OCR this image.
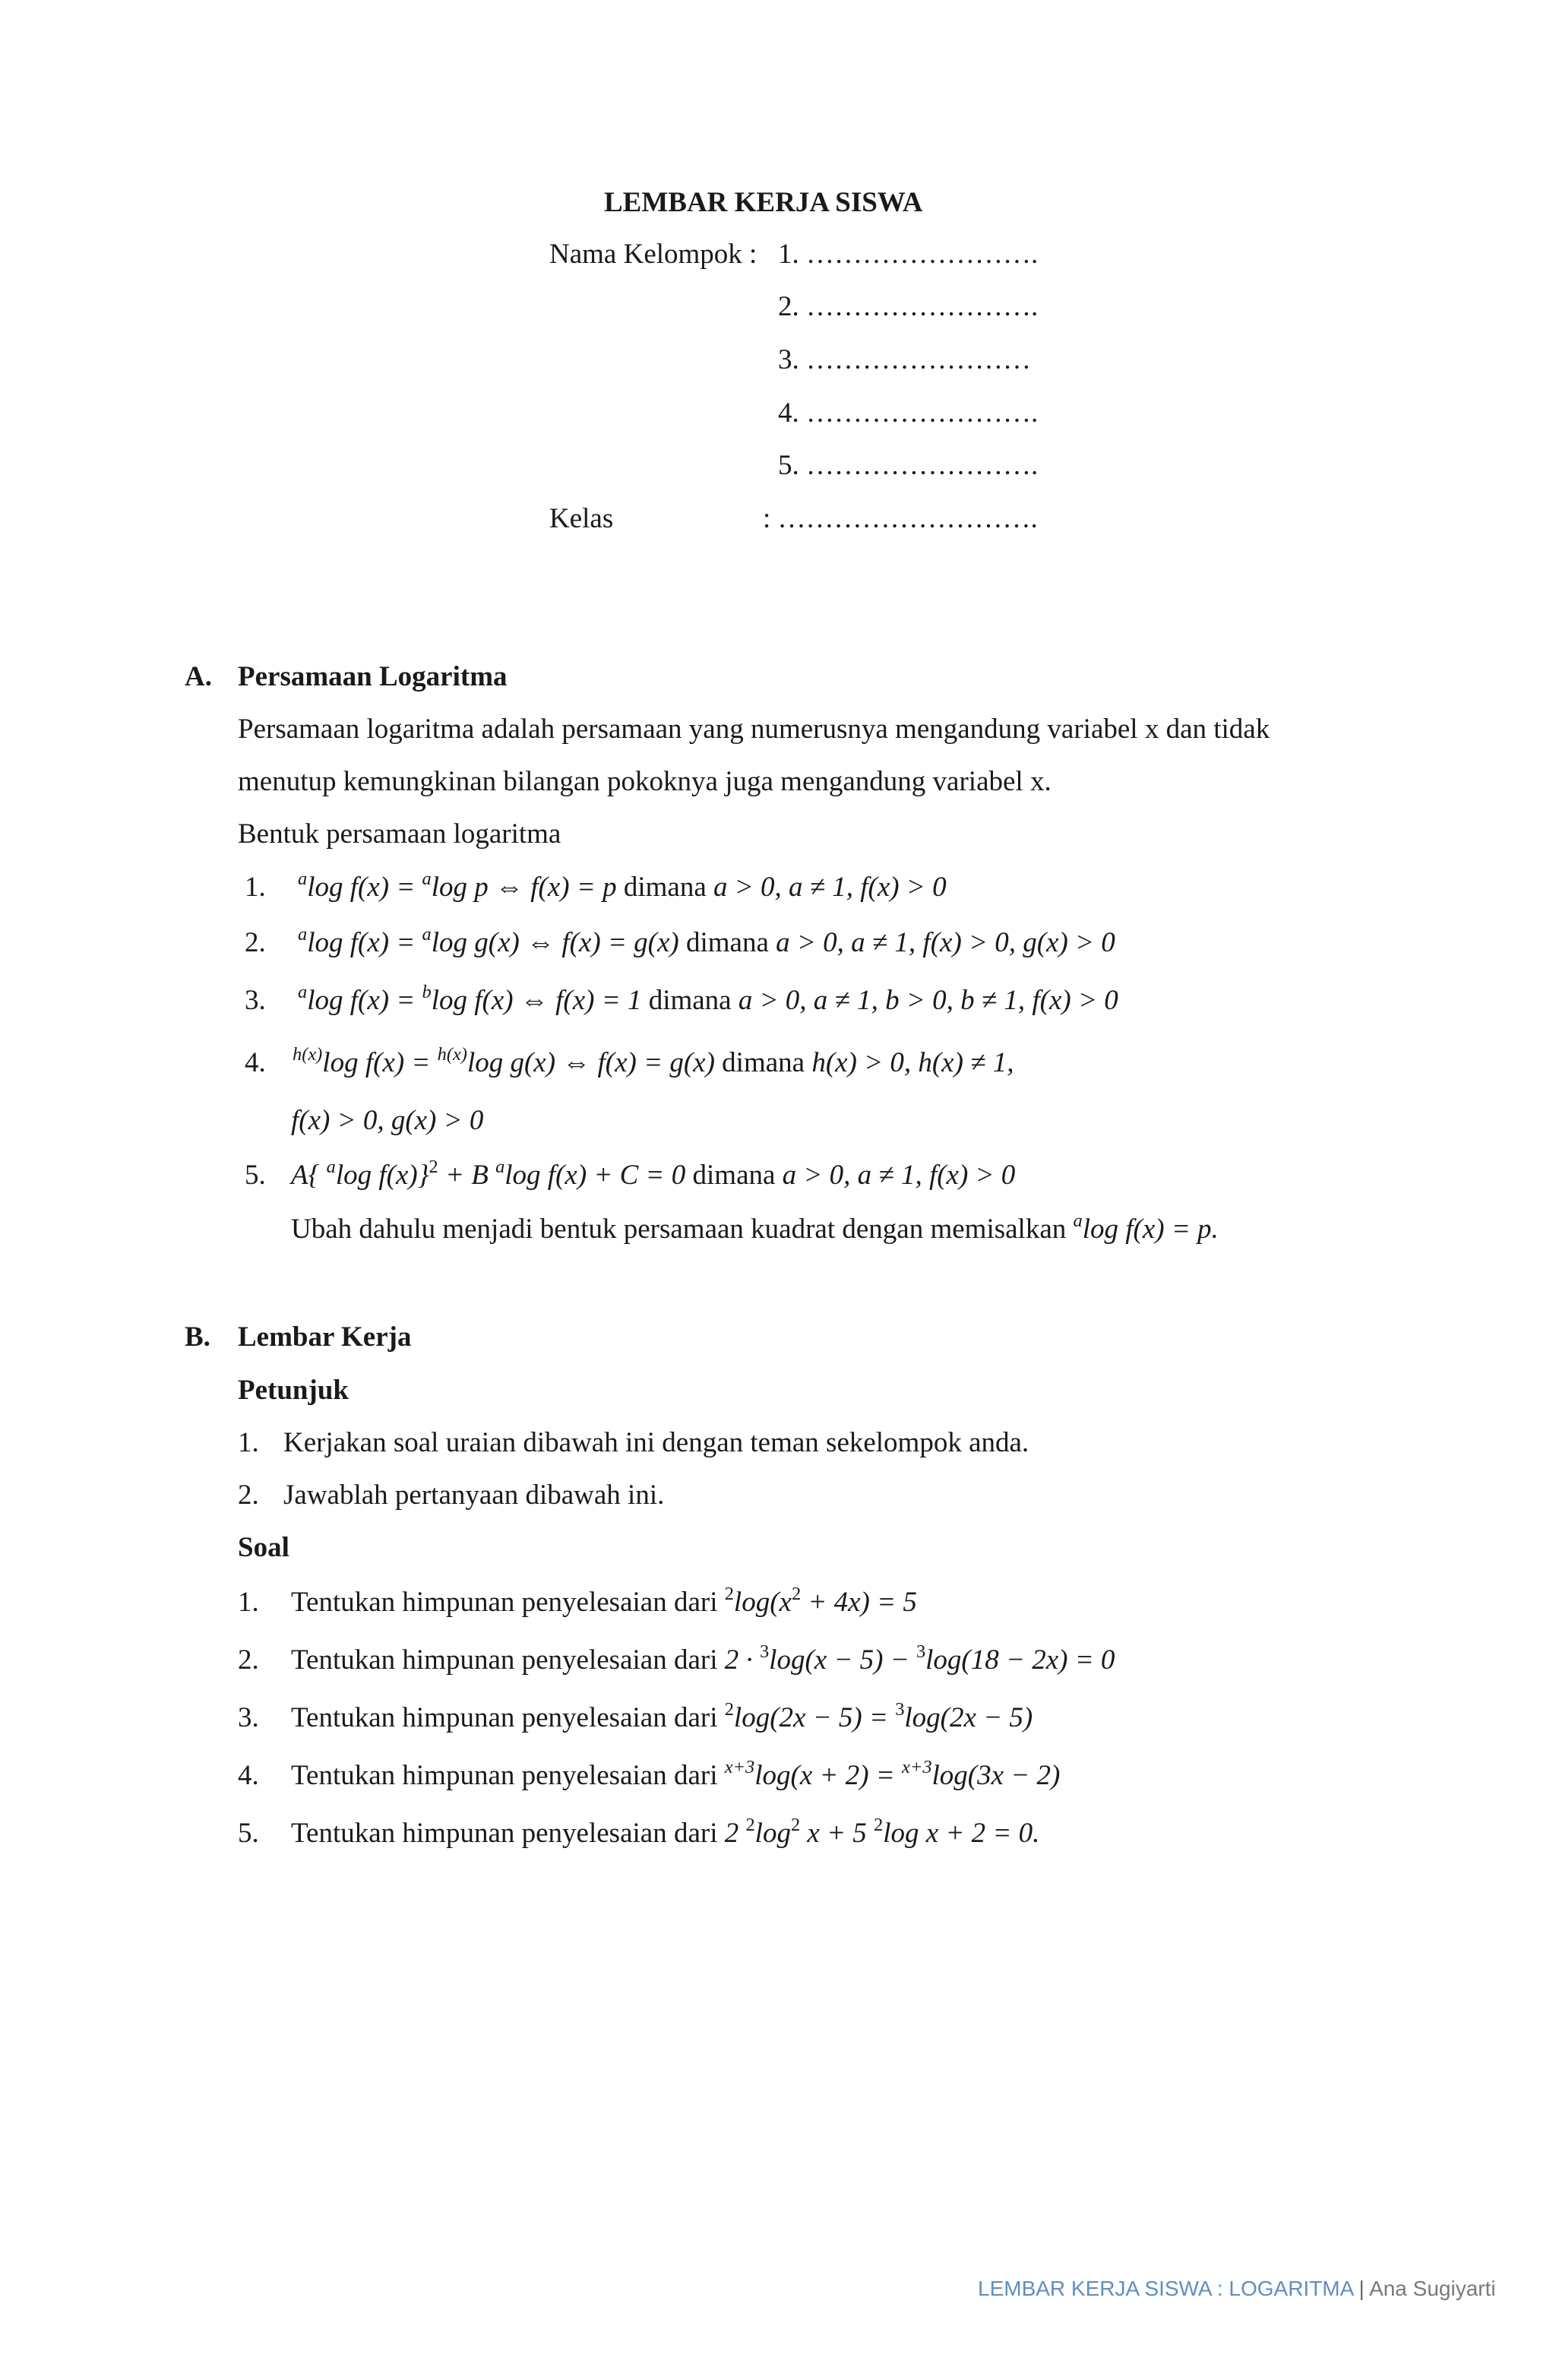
LEMBAR KERJA SISWA
Nama Kelompok : 1. …………………….
2. …………………….
3. ……………………
4. …………………….
5. …………………….
Kelas	: ……………………….
A. Persamaan Logaritma
Persamaan logaritma adalah persamaan yang numerusnya mengandung variabel x dan tidak
menutup kemungkinan bilangan pokoknya juga mengandung variabel x.
Bentuk persamaan logaritma
1. $^a$log f(x) = $^a$log p ⇔ f(x) = p dimana a > 0, a ≠ 1, f(x) > 0
2. $^a$log f(x) = $^a$log g(x) ⇔ f(x) = g(x) dimana a > 0, a ≠ 1, f(x) > 0, g(x) > 0
3. $^a$log f(x) = $^b$log f(x) ⇔ f(x) = 1 dimana a > 0, a ≠ 1, b > 0, b ≠ 1, f(x) > 0
4. $^{h(x)}$log f(x) = $^{h(x)}$log g(x) ⇔ f(x) = g(x) dimana h(x) > 0, h(x) ≠ 1,
f(x) > 0, g(x) > 0
5. A{ $^a$log f(x)}$^2$ + B $^a$log f(x) + C = 0 dimana a > 0, a ≠ 1, f(x) > 0
Ubah dahulu menjadi bentuk persamaan kuadrat dengan memisalkan $^a$log f(x) = p.
B. Lembar Kerja
Petunjuk
1. Kerjakan soal uraian dibawah ini dengan teman sekelompok anda.
2. Jawablah pertanyaan dibawah ini.
Soal
1. Tentukan himpunan penyelesaian dari $^2\log(x^2 + 4x) = 5$
2. Tentukan himpunan penyelesaian dari 2 · $^3$log(x − 5) − $^3$log(18 − 2x) = 0
3. Tentukan himpunan penyelesaian dari $^2$log(2x − 5) = $^3$log(2x − 5)
4. Tentukan himpunan penyelesaian dari $^{x+3}$log(x + 2) = $^{x+3}$log(3x − 2)
5. Tentukan himpunan penyelesaian dari 2 $^2\log^2$ x + 5 $^2$log x + 2 = 0.
LEMBAR KERJA SISWA : LOGARITMA | Ana Sugiyarti
